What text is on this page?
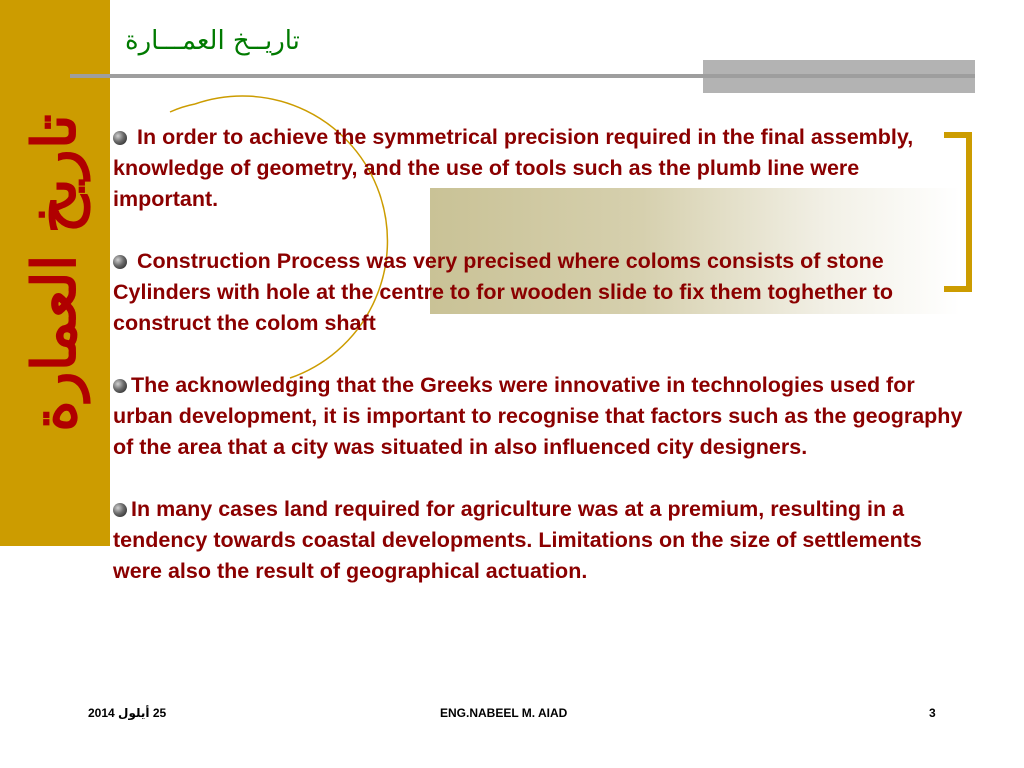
تاريخ العمارة
تاريــخ العمـــارة

In order to achieve the symmetrical precision required in the final assembly, knowledge of geometry, and the use of tools such as the plumb line were important.

Construction Process was very precised where coloms consists of stone Cylinders with hole at the centre to for wooden slide to fix them toghether to construct the colom shaft

The acknowledging that the Greeks were innovative in technologies used for urban development, it is important to recognise that factors such as the geography of the area that a city was situated in also influenced city designers.

In many cases land required for agriculture was at a premium, resulting in a tendency towards coastal developments. Limitations on the size of settlements were also the result of geographical actuation.

25 أيلول 2014	ENG.NABEEL M. AIAD	3
